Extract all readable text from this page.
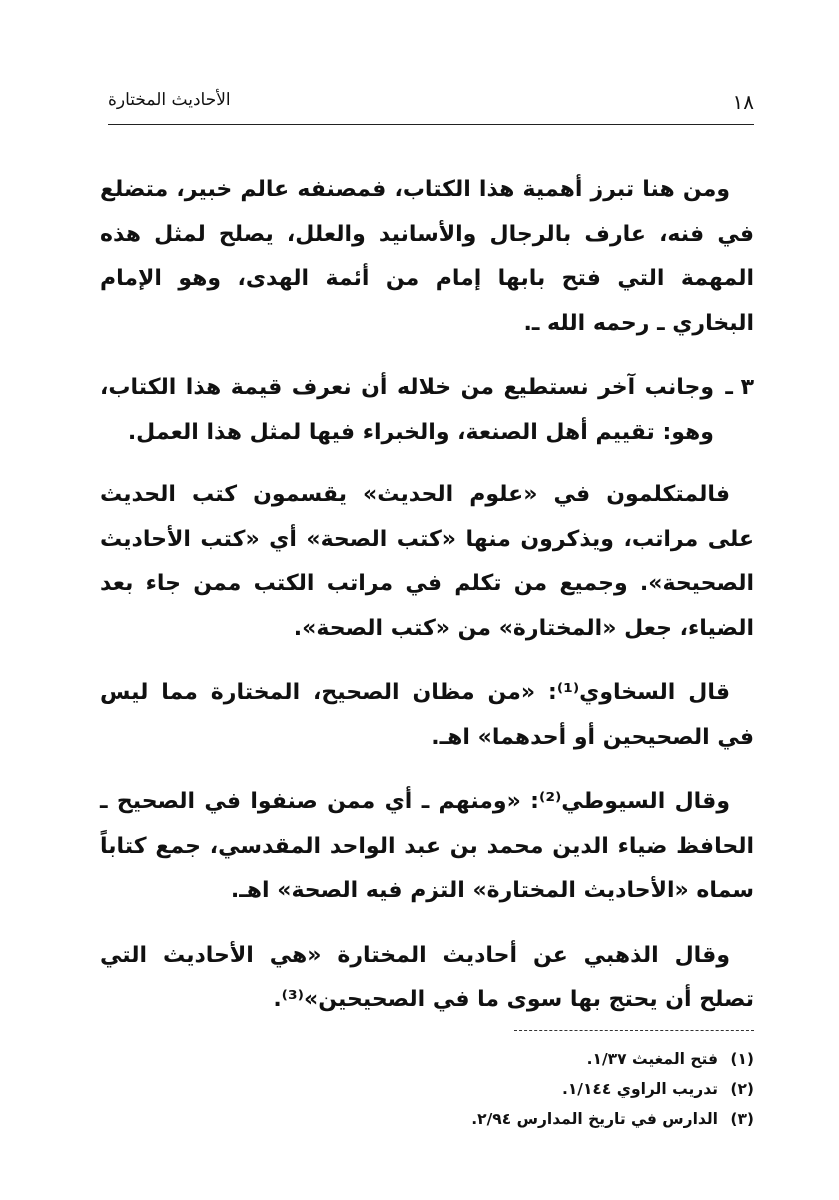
١٨
الأحاديث المختارة

ومن هنا تبرز أهمية هذا الكتاب، فمصنفه عالم خبير، متضلع في فنه، عارف بالرجال والأسانيد والعلل، يصلح لمثل هذه المهمة التي فتح بابها إمام من أئمة الهدى، وهو الإمام البخاري ـ رحمه الله ـ.

٣ ـ

وجانب آخر نستطيع من خلاله أن نعرف قيمة هذا الكتاب، وهو: تقييم أهل الصنعة، والخبراء فيها لمثل هذا العمل.

فالمتكلمون في «علوم الحديث» يقسمون كتب الحديث على مراتب، ويذكرون منها «كتب الصحة» أي «كتب الأحاديث الصحيحة». وجميع من تكلم في مراتب الكتب ممن جاء بعد الضياء، جعل «المختارة» من «كتب الصحة».

قال السخاوي⁽¹⁾: «من مظان الصحيح، المختارة مما ليس في الصحيحين أو أحدهما» اهـ.

وقال السيوطي⁽²⁾: «ومنهم ـ أي ممن صنفوا في الصحيح ـ الحافظ ضياء الدين محمد بن عبد الواحد المقدسي، جمع كتاباً سماه «الأحاديث المختارة» التزم فيه الصحة» اهـ.

وقال الذهبي عن أحاديث المختارة «هي الأحاديث التي تصلح أن يحتج بها سوى ما في الصحيحين»⁽³⁾.

(١)
فتح المغيث ١/٣٧.
(٢)
تدريب الراوي ١/١٤٤.
(٣)
الدارس في تاريخ المدارس ٢/٩٤.
